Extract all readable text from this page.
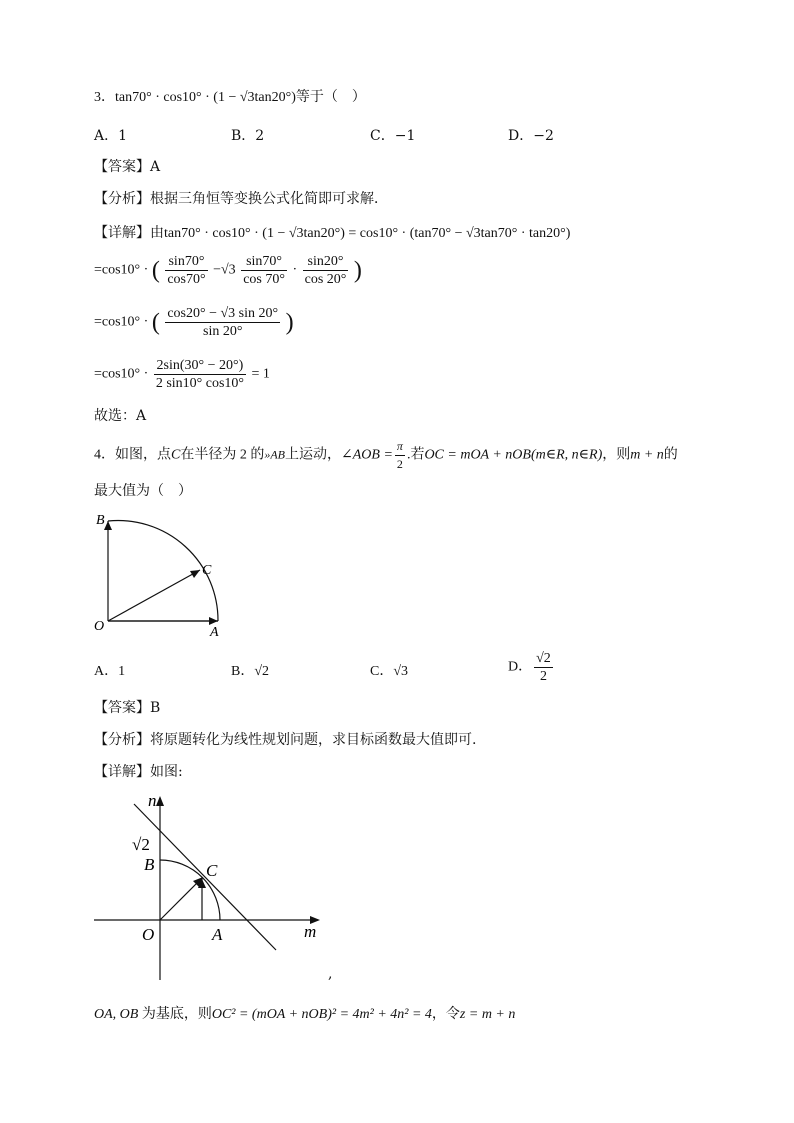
3．tan70° · cos10° · (1 − √3tan20°)等于（　）
A．1	B．2	C．−1	D．−2
【答案】A
【分析】根据三角恒等变换公式化简即可求解．
【详解】由tan70° · cos10° · (1 − √3tan20°) = cos10° · (tan70° − √3tan70° · tan20°)
=cos10° · ( $\frac{\sin 70^\circ}{\cos 70^\circ} -√3 \frac{\sin 70^\circ}{\cos 70^\circ} \cdot \frac{\sin 20^\circ}{\cos 20^\circ}$ )
=cos10° · ( $\frac{\cos 20^\circ - √3 \sin 20^\circ}{\sin 20^\circ}$ )
$=\cos 10^\circ \cdot \frac{2\sin(30^\circ - 20^\circ)}{2 \sin 10^\circ \cos 10^\circ} = 1$
故选：A
4．如图，点C在半径为 2 的»AB上运动，∠AOB = $\frac{\pi}{2}$ .若OC = mOA + nOB(m∈R, n∈R)，则m + n的
最大值为（　）
B
C
O	A
A．1	B．√2	C．√3	D． $\frac{√2}{2}$
【答案】B
【分析】将原题转化为线性规划问题，求目标函数最大值即可.
【详解】如图:
n
√2
B	C
O	A	m
,
OA, OB 为基底，则OC² = (mOA + nOB)² = 4m² + 4n² = 4，令z = m + n
